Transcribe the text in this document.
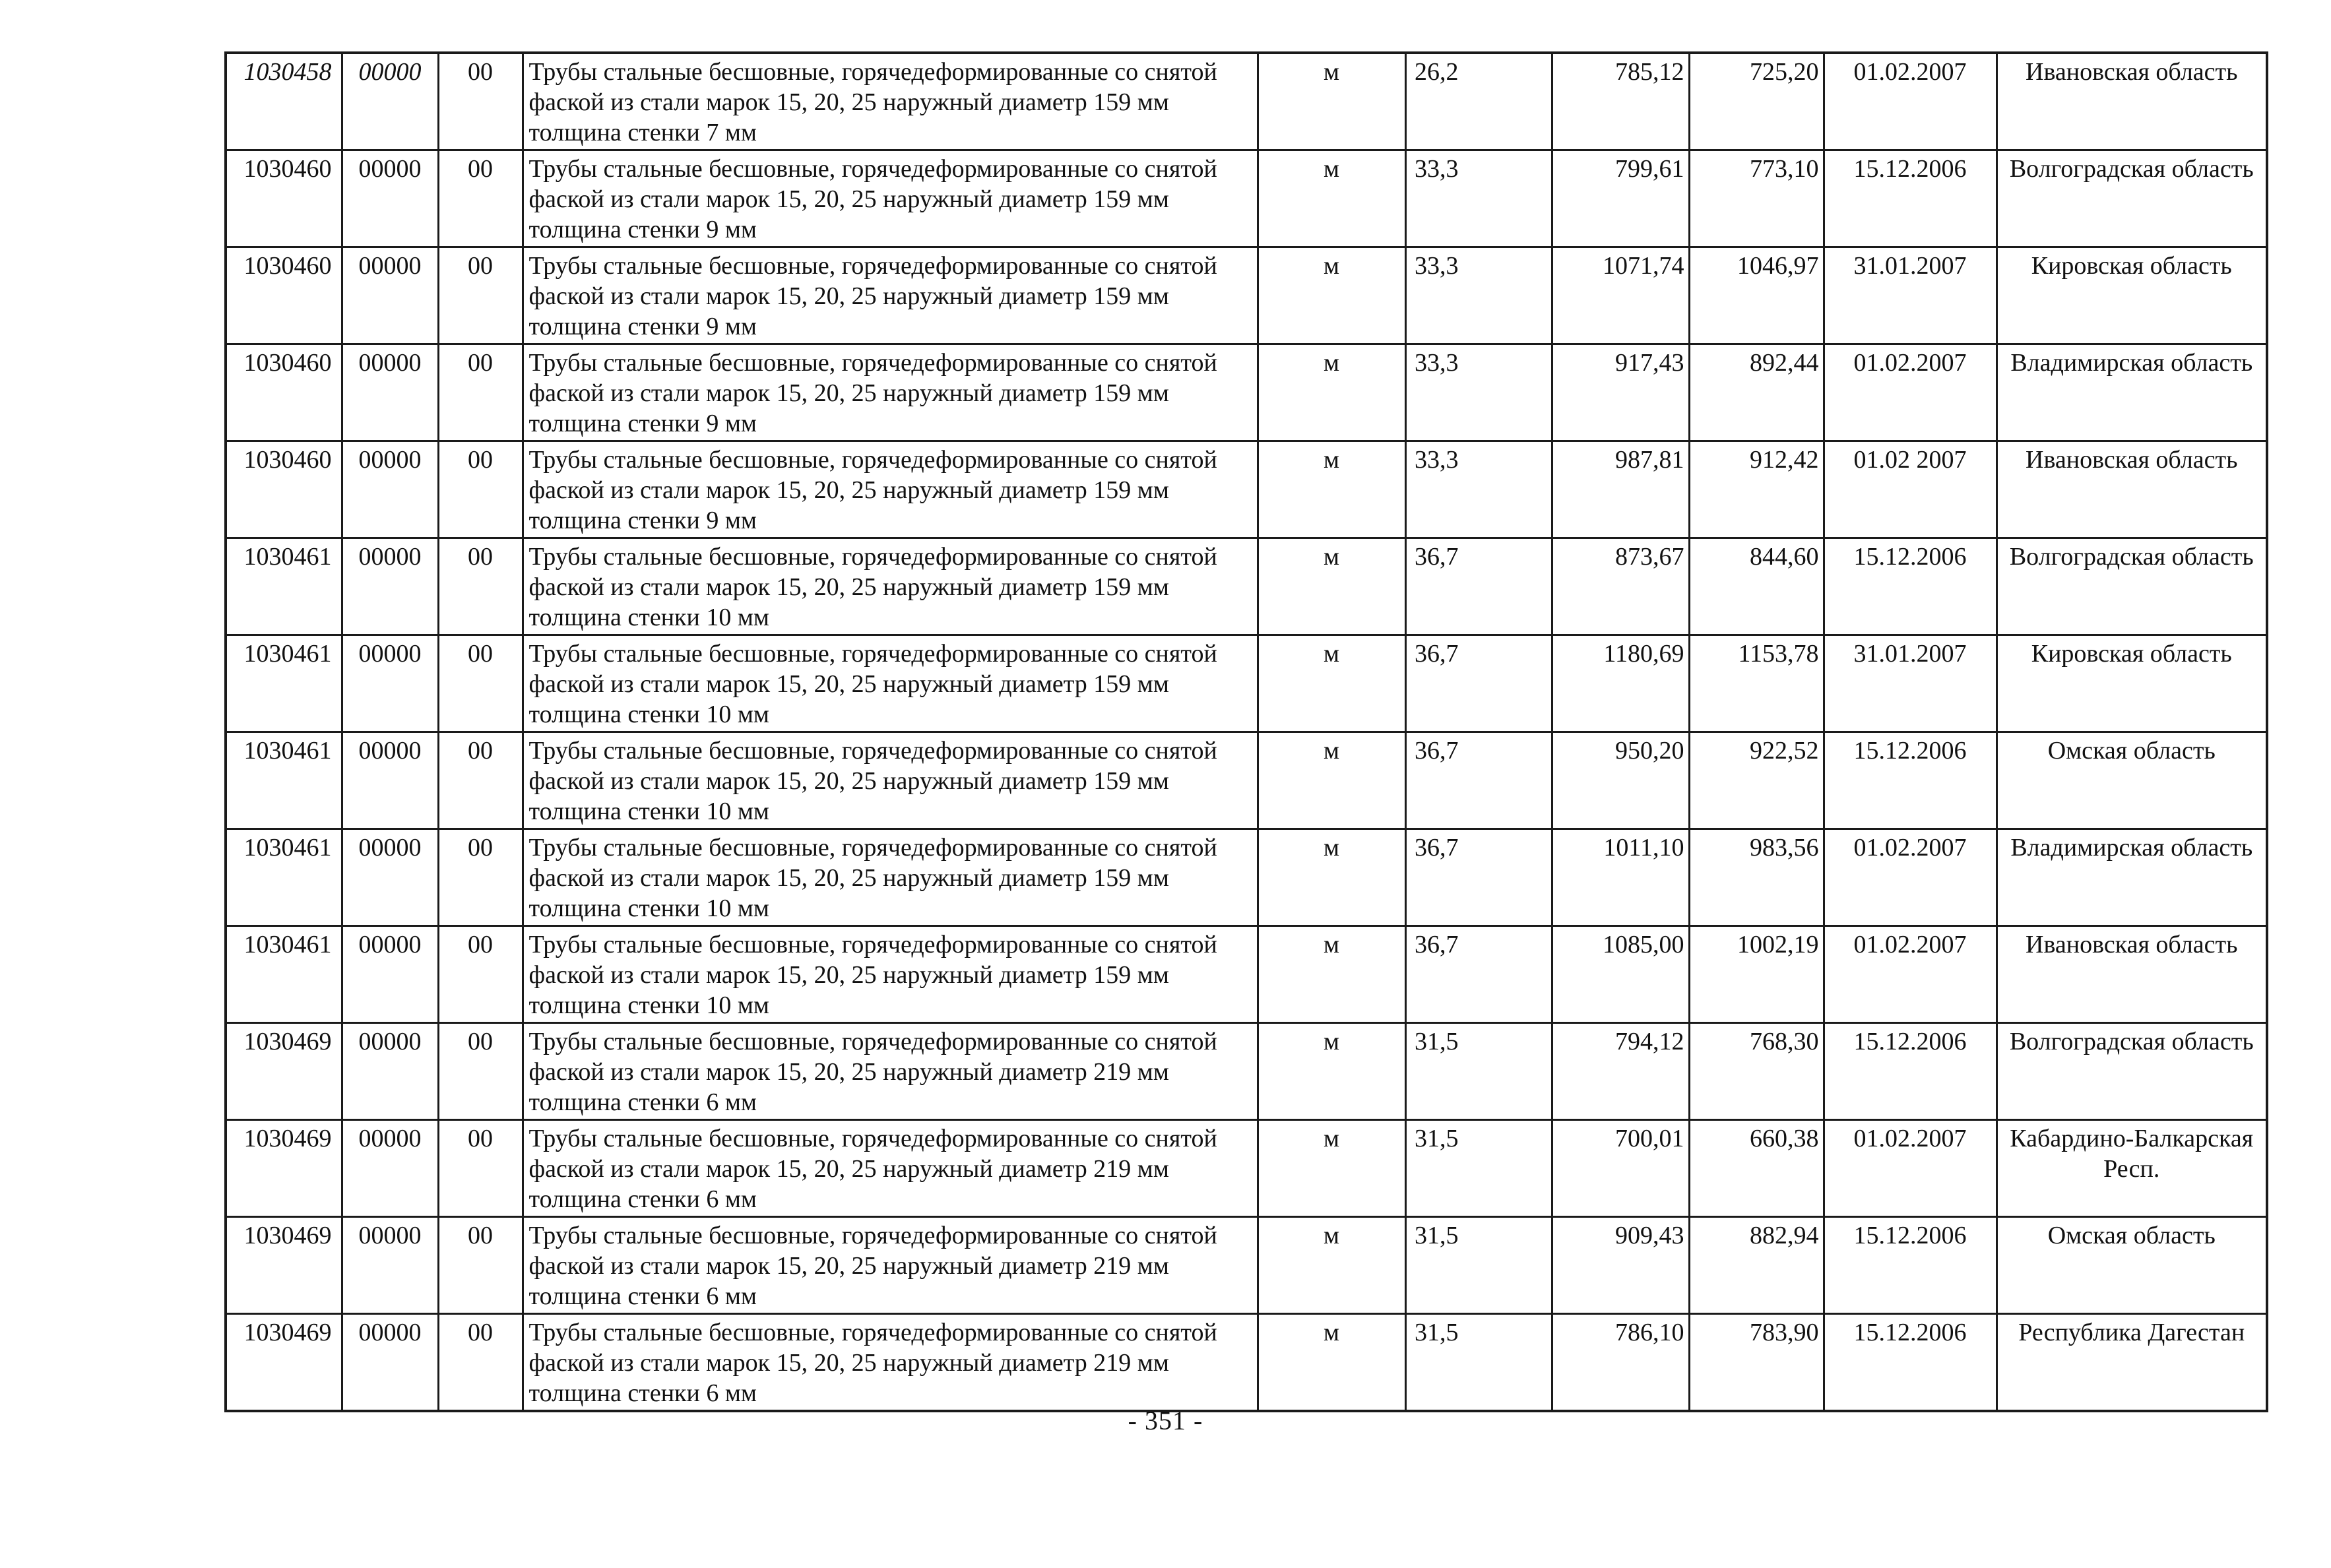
1030458	00000	00	Трубы стальные бесшовные, горячедеформированные со снятой фаской из стали марок 15, 20, 25 наружный диаметр 159 мм толщина стенки 7 мм	м	26,2	785,12	725,20	01.02.2007	Ивановская область
1030460	00000	00	Трубы стальные бесшовные, горячедеформированные со снятой фаской из стали марок 15, 20, 25 наружный диаметр 159 мм толщина стенки 9 мм	м	33,3	799,61	773,10	15.12.2006	Волгоградская область
1030460	00000	00	Трубы стальные бесшовные, горячедеформированные со снятой фаской из стали марок 15, 20, 25 наружный диаметр 159 мм толщина стенки 9 мм	м	33,3	1071,74	1046,97	31.01.2007	Кировская область
1030460	00000	00	Трубы стальные бесшовные, горячедеформированные со снятой фаской из стали марок 15, 20, 25 наружный диаметр 159 мм толщина стенки 9 мм	м	33,3	917,43	892,44	01.02.2007	Владимирская область
1030460	00000	00	Трубы стальные бесшовные, горячедеформированные со снятой фаской из стали марок 15, 20, 25 наружный диаметр 159 мм толщина стенки 9 мм	м	33,3	987,81	912,42	01.02 2007	Ивановская область
1030461	00000	00	Трубы стальные бесшовные, горячедеформированные со снятой фаской из стали марок 15, 20, 25 наружный диаметр 159 мм толщина стенки 10 мм	м	36,7	873,67	844,60	15.12.2006	Волгоградская область
1030461	00000	00	Трубы стальные бесшовные, горячедеформированные со снятой фаской из стали марок 15, 20, 25 наружный диаметр 159 мм толщина стенки 10 мм	м	36,7	1180,69	1153,78	31.01.2007	Кировская область
1030461	00000	00	Трубы стальные бесшовные, горячедеформированные со снятой фаской из стали марок 15, 20, 25 наружный диаметр 159 мм толщина стенки 10 мм	м	36,7	950,20	922,52	15.12.2006	Омская область
1030461	00000	00	Трубы стальные бесшовные, горячедеформированные со снятой фаской из стали марок 15, 20, 25 наружный диаметр 159 мм толщина стенки 10 мм	м	36,7	1011,10	983,56	01.02.2007	Владимирская область
1030461	00000	00	Трубы стальные бесшовные, горячедеформированные со снятой фаской из стали марок 15, 20, 25 наружный диаметр 159 мм толщина стенки 10 мм	м	36,7	1085,00	1002,19	01.02.2007	Ивановская область
1030469	00000	00	Трубы стальные бесшовные, горячедеформированные со снятой фаской из стали марок 15, 20, 25 наружный диаметр 219 мм толщина стенки 6 мм	м	31,5	794,12	768,30	15.12.2006	Волгоградская область
1030469	00000	00	Трубы стальные бесшовные, горячедеформированные со снятой фаской из стали марок 15, 20, 25 наружный диаметр 219 мм толщина стенки 6 мм	м	31,5	700,01	660,38	01.02.2007	Кабардино-Балкарская Респ.
1030469	00000	00	Трубы стальные бесшовные, горячедеформированные со снятой фаской из стали марок 15, 20, 25 наружный диаметр 219 мм толщина стенки 6 мм	м	31,5	909,43	882,94	15.12.2006	Омская область
1030469	00000	00	Трубы стальные бесшовные, горячедеформированные со снятой фаской из стали марок 15, 20, 25 наружный диаметр 219 мм толщина стенки 6 мм	м	31,5	786,10	783,90	15.12.2006	Республика Дагестан
- 351 -
